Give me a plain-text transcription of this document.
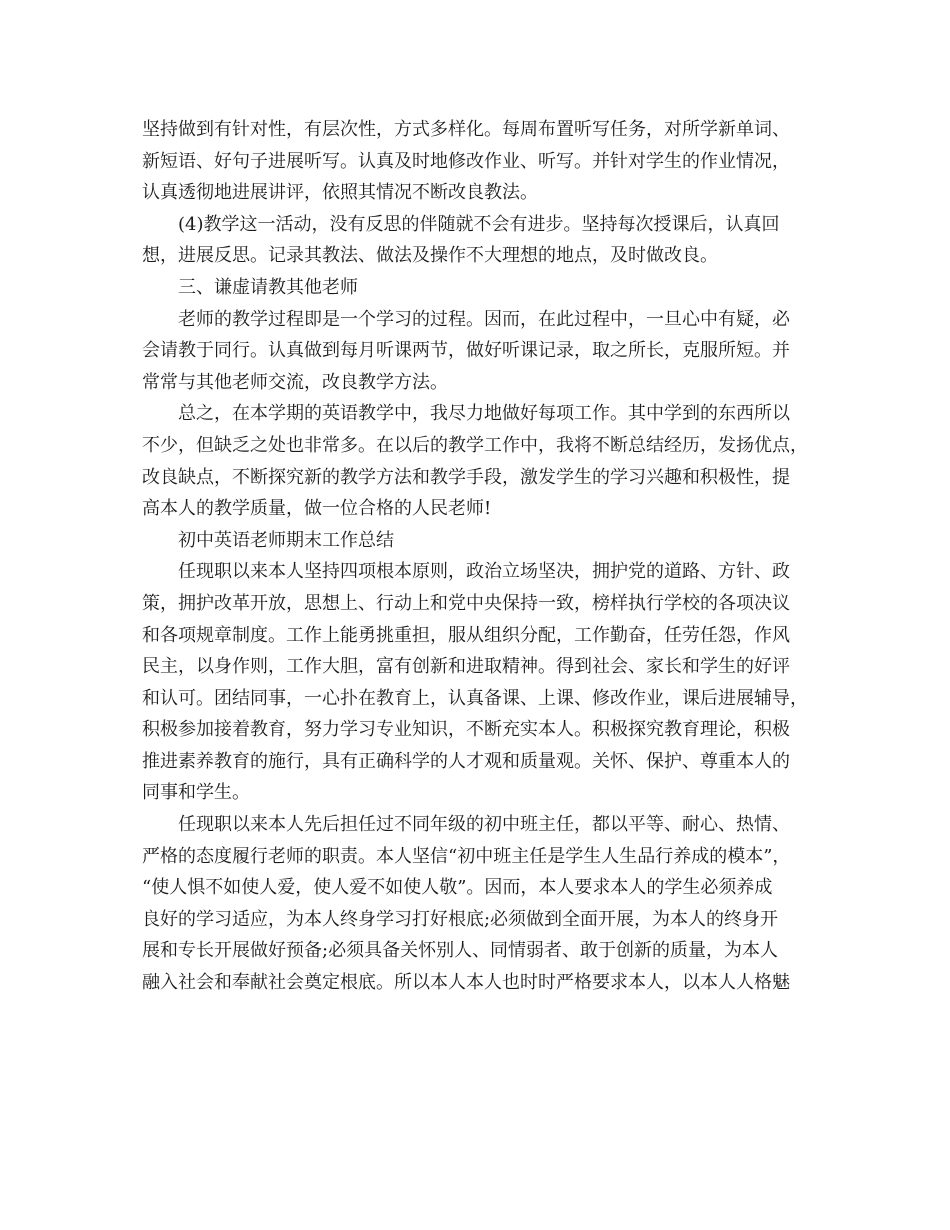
坚持做到有针对性，有层次性，方式多样化。每周布置听写任务，对所学新单词、
新短语、好句子进展听写。认真及时地修改作业、听写。并针对学生的作业情况，
认真透彻地进展讲评，依照其情况不断改良教法。
(4)教学这一活动，没有反思的伴随就不会有进步。坚持每次授课后，认真回
想，进展反思。记录其教法、做法及操作不大理想的地点，及时做改良。
三、谦虚请教其他老师
老师的教学过程即是一个学习的过程。因而，在此过程中，一旦心中有疑，必
会请教于同行。认真做到每月听课两节，做好听课记录，取之所长，克服所短。并
常常与其他老师交流，改良教学方法。
总之，在本学期的英语教学中，我尽力地做好每项工作。其中学到的东西所以
不少，但缺乏之处也非常多。在以后的教学工作中，我将不断总结经历，发扬优点，
改良缺点，不断探究新的教学方法和教学手段，激发学生的学习兴趣和积极性，提
高本人的教学质量，做一位合格的人民老师!
初中英语老师期末工作总结
任现职以来本人坚持四项根本原则，政治立场坚决，拥护党的道路、方针、政
策，拥护改革开放，思想上、行动上和党中央保持一致，榜样执行学校的各项决议
和各项规章制度。工作上能勇挑重担，服从组织分配，工作勤奋，任劳任怨，作风
民主，以身作则，工作大胆，富有创新和进取精神。得到社会、家长和学生的好评
和认可。团结同事，一心扑在教育上，认真备课、上课、修改作业，课后进展辅导，
积极参加接着教育，努力学习专业知识，不断充实本人。积极探究教育理论，积极
推进素养教育的施行，具有正确科学的人才观和质量观。关怀、保护、尊重本人的
同事和学生。
任现职以来本人先后担任过不同年级的初中班主任，都以平等、耐心、热情、
严格的态度履行老师的职责。本人坚信“初中班主任是学生人生品行养成的模本”，
“使人惧不如使人爱，使人爱不如使人敬”。因而，本人要求本人的学生必须养成
良好的学习适应，为本人终身学习打好根底;必须做到全面开展，为本人的终身开
展和专长开展做好预备;必须具备关怀别人、同情弱者、敢于创新的质量，为本人
融入社会和奉献社会奠定根底。所以本人本人也时时严格要求本人，以本人人格魅
